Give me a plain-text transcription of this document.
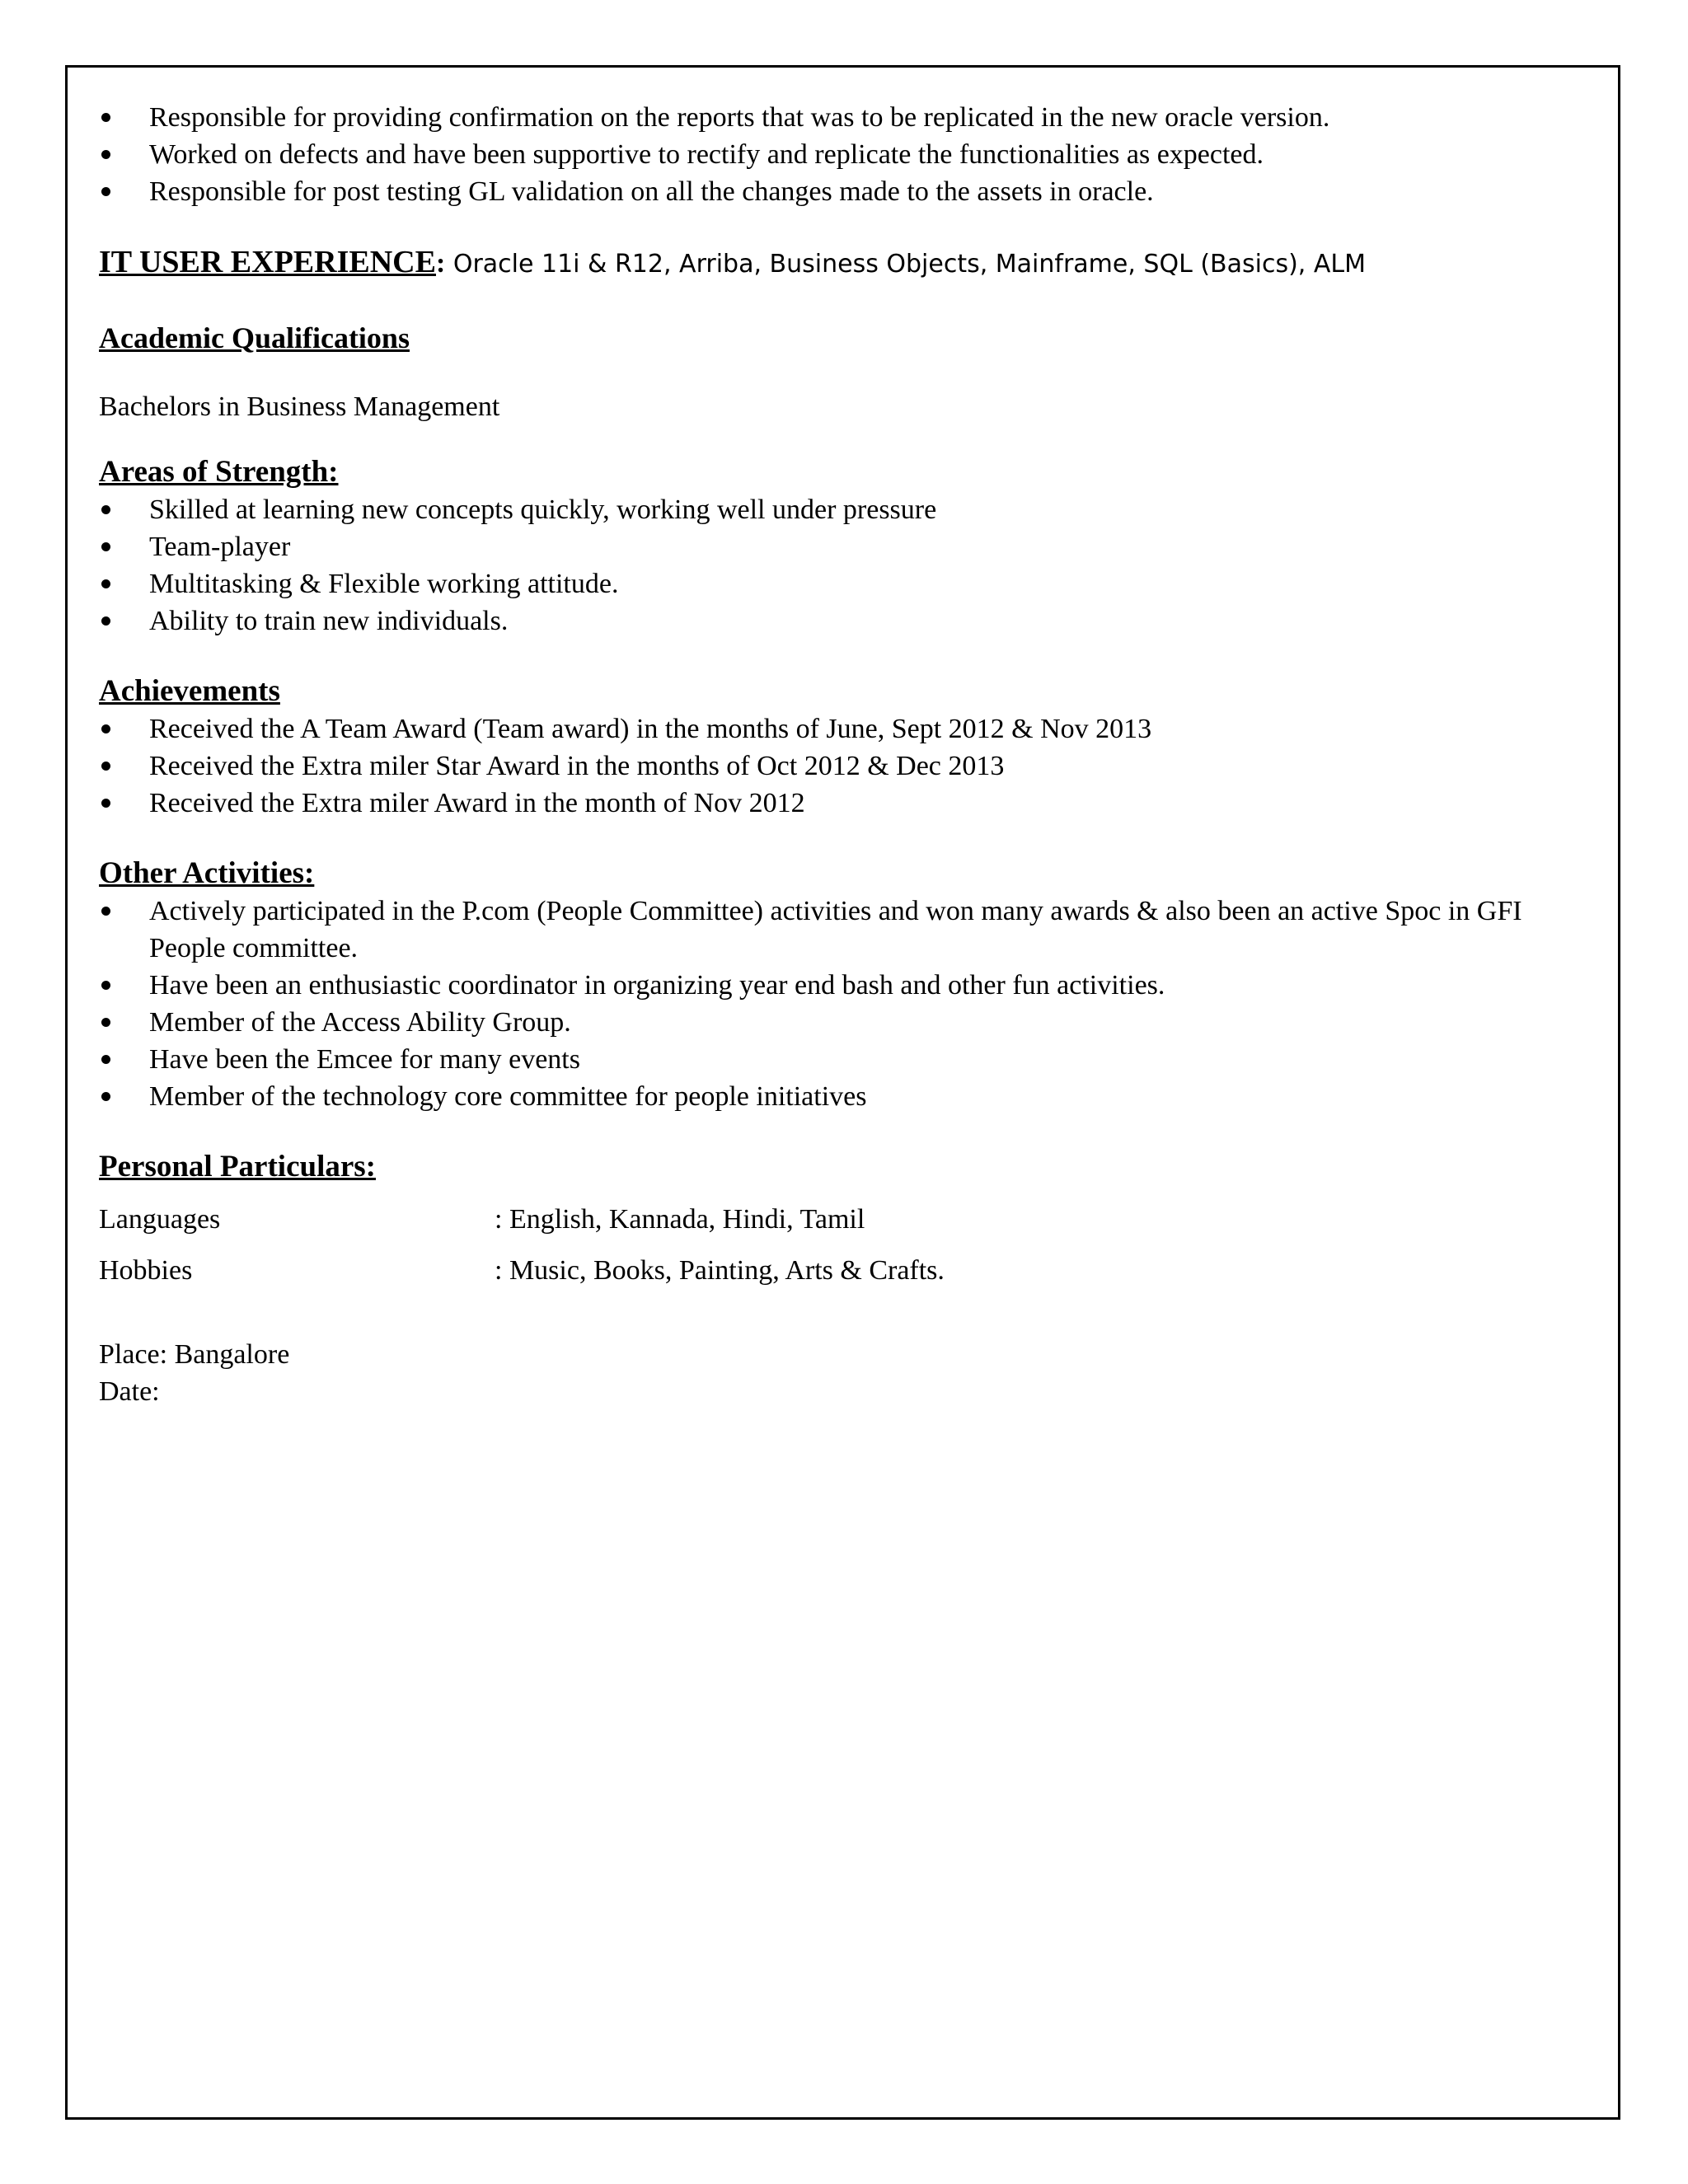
Responsible for providing confirmation on the reports that was to be replicated in the new oracle version.
Worked on defects and have been supportive to rectify and replicate the functionalities as expected.
Responsible for post testing GL validation on all the changes made to the assets in oracle.
IT USER EXPERIENCE: Oracle 11i & R12, Arriba, Business Objects, Mainframe, SQL (Basics), ALM
Academic Qualifications
Bachelors in Business Management
Areas of Strength:
Skilled at learning new concepts quickly, working well under pressure
Team-player
Multitasking & Flexible working attitude.
Ability to train new individuals.
Achievements
Received the A Team Award (Team award) in the months of June, Sept 2012 & Nov 2013
Received the Extra miler Star Award in the months of Oct 2012 & Dec 2013
Received the Extra miler Award in the month of Nov 2012
Other Activities:
Actively participated in the P.com (People Committee) activities and won many awards & also been an active Spoc in GFI People committee.
Have been an enthusiastic coordinator in organizing year end bash and other fun activities.
Member of the Access Ability Group.
Have been the Emcee for many events
Member of the technology core committee for people initiatives
Personal Particulars:
Languages	: English, Kannada, Hindi, Tamil
Hobbies	: Music, Books, Painting, Arts & Crafts.
Place: Bangalore
Date:
